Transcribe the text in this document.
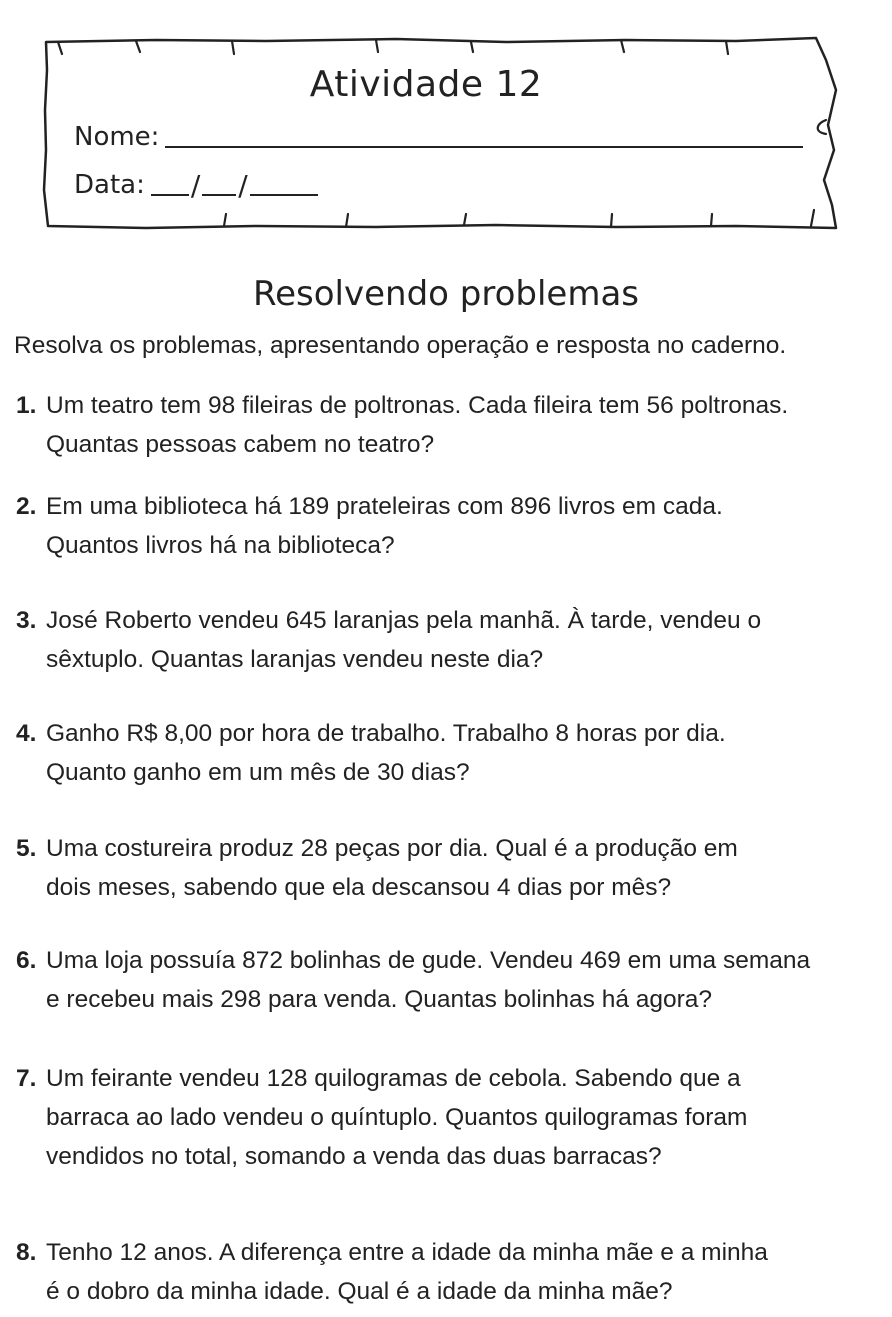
Atividade 12
Nome:
Data: / /
Resolvendo problemas
Resolva os problemas, apresentando operação e resposta no caderno.
1. Um teatro tem 98 fileiras de poltronas. Cada fileira tem 56 poltronas.
Quantas pessoas cabem no teatro?
2. Em uma biblioteca há 189 prateleiras com 896 livros em cada.
Quantos livros há na biblioteca?
3. José Roberto vendeu 645 laranjas pela manhã. À tarde, vendeu o
sêxtuplo. Quantas laranjas vendeu neste dia?
4. Ganho R$ 8,00 por hora de trabalho. Trabalho 8 horas por dia.
Quanto ganho em um mês de 30 dias?
5. Uma costureira produz 28 peças por dia. Qual é a produção em
dois meses, sabendo que ela descansou 4 dias por mês?
6. Uma loja possuía 872 bolinhas de gude. Vendeu 469 em uma semana
e recebeu mais 298 para venda. Quantas bolinhas há agora?
7. Um feirante vendeu 128 quilogramas de cebola. Sabendo que a
barraca ao lado vendeu o quíntuplo. Quantos quilogramas foram
vendidos no total, somando a venda das duas barracas?
8. Tenho 12 anos. A diferença entre a idade da minha mãe e a minha
é o dobro da minha idade. Qual é a idade da minha mãe?
